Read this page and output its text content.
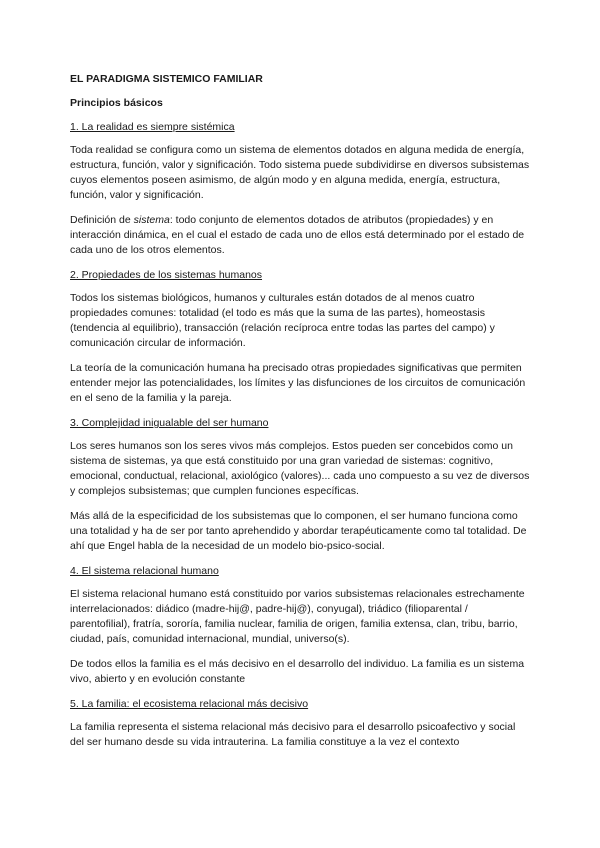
EL PARADIGMA SISTEMICO FAMILIAR

Principios básicos

1. La realidad es siempre sistémica

Toda realidad se configura como un sistema de elementos dotados en alguna medida de energía, estructura, función, valor y significación. Todo sistema puede subdividirse en diversos subsistemas cuyos elementos poseen asimismo, de algún modo y en alguna medida, energía, estructura, función, valor y significación.

Definición de sistema: todo conjunto de elementos dotados de atributos (propiedades) y en interacción dinámica, en el cual el estado de cada uno de ellos está determinado por el estado de cada uno de los otros elementos.

2. Propiedades de los sistemas humanos

Todos los sistemas biológicos, humanos y culturales están dotados de al menos cuatro propiedades comunes: totalidad (el todo es más que la suma de las partes), homeostasis (tendencia al equilibrio), transacción (relación recíproca entre todas las partes del campo) y comunicación circular de información.

La teoría de la comunicación humana ha precisado otras propiedades significativas que permiten entender mejor las potencialidades, los límites y las disfunciones de los circuitos de comunicación en el seno de la familia y la pareja.

3. Complejidad inigualable del ser humano

Los seres humanos son los seres vivos más complejos. Estos pueden ser concebidos como un sistema de sistemas, ya que está constituido por una gran variedad de sistemas: cognitivo, emocional, conductual, relacional, axiológico (valores)... cada uno compuesto a su vez de diversos y complejos subsistemas; que cumplen funciones específicas.

Más allá de la especificidad de los subsistemas que lo componen, el ser humano funciona como una totalidad y ha de ser por tanto aprehendido y abordar terapéuticamente como tal totalidad. De ahí que Engel habla de la necesidad de un modelo bio-psico-social.

4. El sistema relacional humano

El sistema relacional humano está constituido por varios subsistemas relacionales estrechamente interrelacionados: diádico (madre-hij@, padre-hij@), conyugal), triádico (filioparental / parentofilial), fratría, sororía, familia nuclear, familia de origen, familia extensa, clan, tribu, barrio, ciudad, país, comunidad internacional, mundial, universo(s).

De todos ellos la familia es el más decisivo en el desarrollo del individuo. La familia es un sistema vivo, abierto y en evolución constante

5. La familia: el ecosistema relacional más decisivo

La familia representa el sistema relacional más decisivo para el desarrollo psicoafectivo y social del ser humano desde su vida intrauterina. La familia constituye a la vez el contexto
